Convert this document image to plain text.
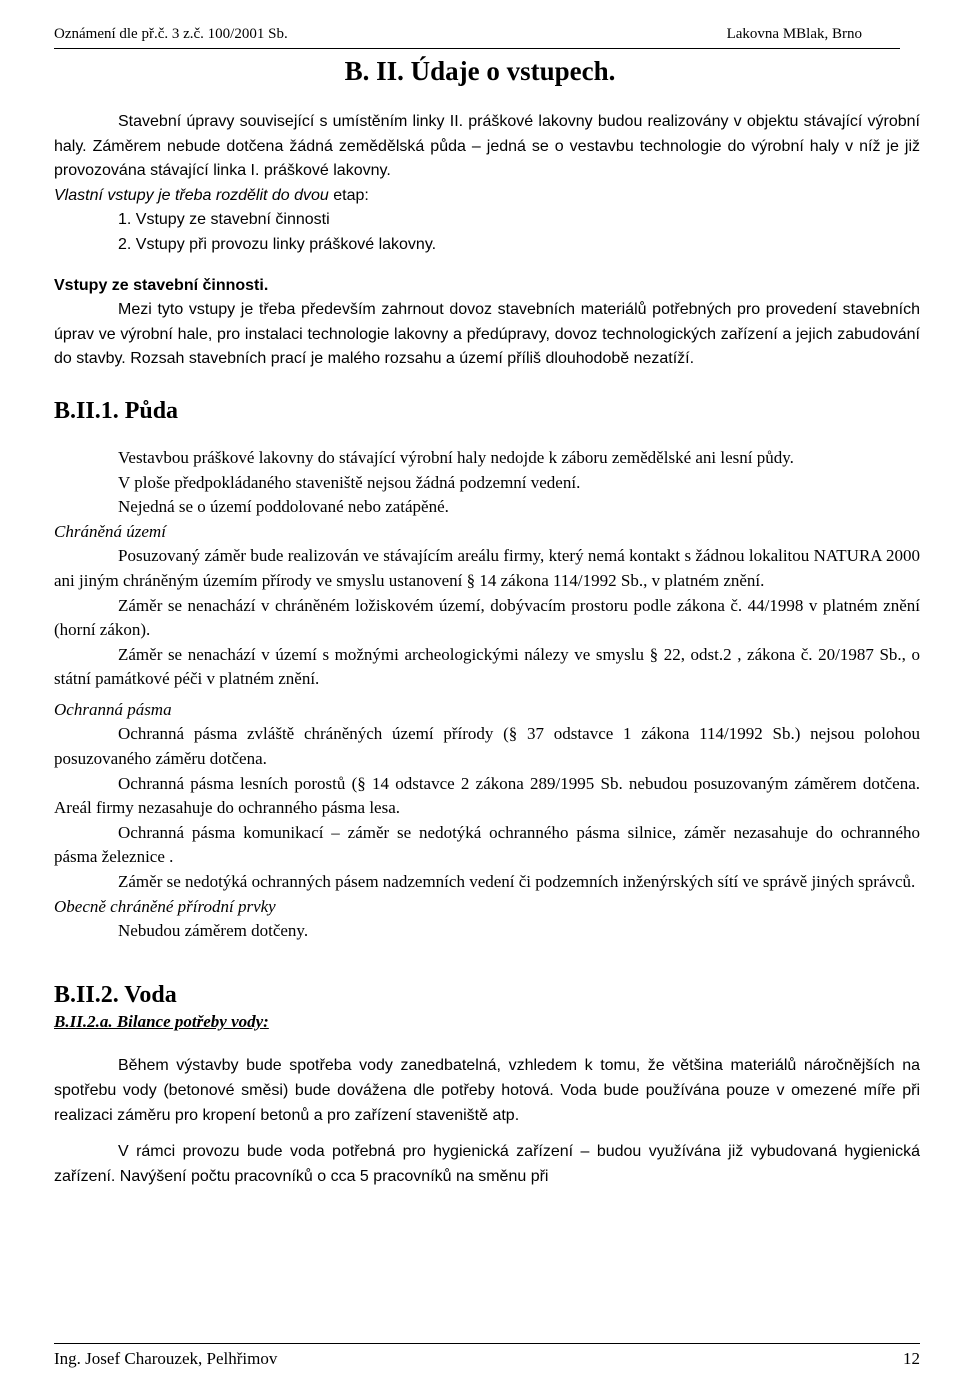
Oznámení dle př.č. 3 z.č. 100/2001 Sb.	Lakovna MBlak, Brno
B. II. Údaje o vstupech.

Stavební úpravy související s umístěním linky II. práškové lakovny budou realizovány v objektu stávající výrobní haly. Záměrem nebude dotčena žádná zemědělská půda – jedná se o vestavbu technologie do výrobní haly v níž je již provozována stávající linka I. práškové lakovny.

Vlastní vstupy je třeba rozdělit do dvou etap:

1. Vstupy ze stavební činnosti
2. Vstupy při provozu linky práškové lakovny.

Vstupy ze stavební činnosti.

Mezi tyto vstupy je třeba především zahrnout dovoz stavebních materiálů potřebných pro provedení stavebních úprav ve výrobní hale, pro instalaci technologie lakovny a předúpravy, dovoz technologických zařízení a jejich zabudování do stavby. Rozsah stavebních prací je malého rozsahu a území příliš dlouhodobě nezatíží.

B.II.1. Půda

Vestavbou práškové lakovny do stávající výrobní haly nedojde k záboru zemědělské ani lesní půdy.

V ploše předpokládaného staveniště nejsou žádná podzemní vedení.

Nejedná se o území poddolované nebo zatápěné.

Chráněná území

Posuzovaný záměr bude realizován ve stávajícím areálu firmy, který nemá kontakt s žádnou lokalitou NATURA 2000 ani jiným chráněným územím přírody ve smyslu ustanovení § 14 zákona 114/1992 Sb., v platném znění.

Záměr se nenachází v chráněném ložiskovém území, dobývacím prostoru podle zákona č. 44/1998 v platném znění (horní zákon).

Záměr se nenachází v území s možnými archeologickými nálezy ve smyslu § 22, odst.2 , zákona č. 20/1987 Sb., o státní památkové péči v platném znění.

Ochranná pásma

Ochranná pásma zvláště chráněných území přírody (§ 37 odstavce 1 zákona 114/1992 Sb.) nejsou polohou posuzovaného záměru dotčena.

Ochranná pásma lesních porostů (§ 14 odstavce 2 zákona 289/1995 Sb. nebudou posuzovaným záměrem dotčena. Areál firmy nezasahuje do ochranného pásma lesa.

Ochranná pásma komunikací – záměr se nedotýká ochranného pásma silnice, záměr nezasahuje do ochranného pásma železnice .

Záměr se nedotýká ochranných pásem nadzemních vedení či podzemních inženýrských sítí ve správě jiných správců.

Obecně chráněné přírodní prvky

Nebudou záměrem dotčeny.

B.II.2. Voda

B.II.2.a. Bilance potřeby vody:

Během výstavby bude spotřeba vody zanedbatelná, vzhledem k tomu, že většina materiálů náročnějších na spotřebu vody (betonové směsi) bude dovážena dle potřeby hotová. Voda bude používána pouze v omezené míře při realizaci záměru pro kropení betonů a pro zařízení staveniště atp.

V rámci provozu bude voda potřebná pro hygienická zařízení – budou využívána již vybudovaná hygienická zařízení. Navýšení počtu pracovníků o cca 5 pracovníků na směnu při

Ing. Josef Charouzek, Pelhřimov	12
